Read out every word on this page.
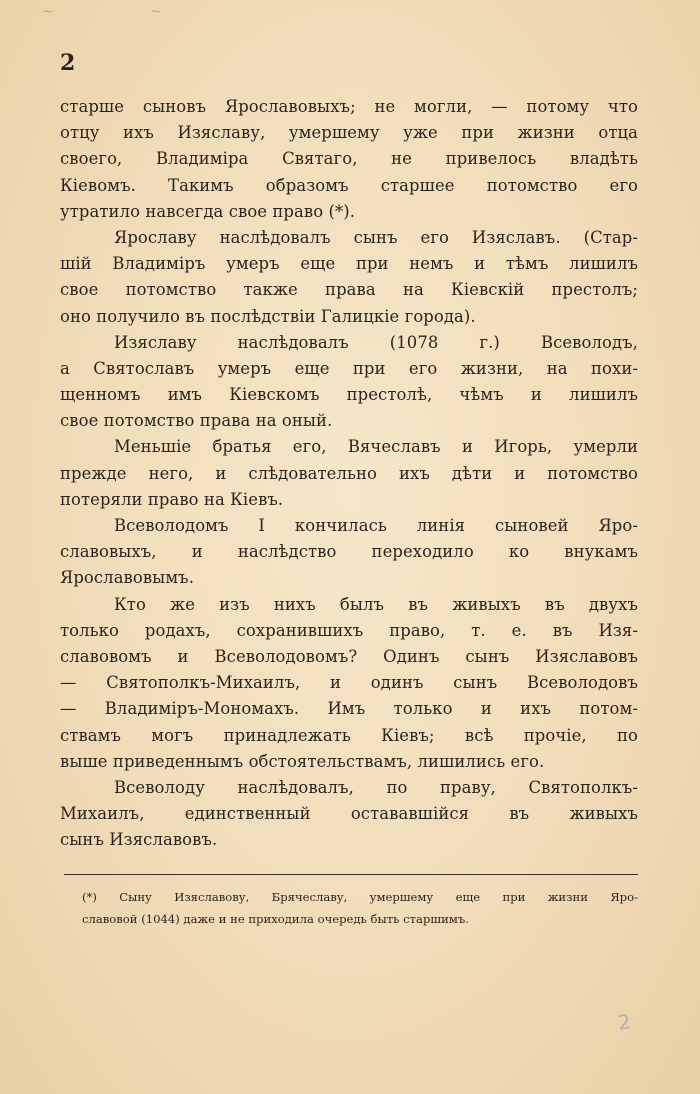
~	~
2
старше сыновъ Ярославовыхъ; не могли, — потому что
отцу ихъ Изяславу, умершему уже при жизни отца
своего, Владиміра Святаго, не привелось владѣть
Кіевомъ. Такимъ образомъ старшее потомство его
утратило навсегда свое право (*).
Ярославу наслѣдовалъ сынъ его Изяславъ. (Стар-
шій Владиміръ умеръ еще при немъ и тѣмъ лишилъ
свое потомство также права на Кіевскій престолъ;
оно получило въ послѣдствіи Галицкіе города).
Изяславу наслѣдовалъ (1078 г.) Всеволодъ,
а Святославъ умеръ еще при его жизни, на похи-
щенномъ имъ Кіевскомъ престолѣ, чѣмъ и лишилъ
свое потомство права на оный.
Меньшіе братья его, Вячеславъ и Игорь, умерли
прежде него, и слѣдовательно ихъ дѣти и потомство
потеряли право на Кіевъ.
Всеволодомъ I кончилась линія сыновей Яро-
славовыхъ, и наслѣдство переходило ко внукамъ
Ярославовымъ.
Кто же изъ нихъ былъ въ живыхъ въ двухъ
только родахъ, сохранившихъ право, т. е. въ Изя-
славовомъ и Всеволодовомъ? Одинъ сынъ Изяславовъ
— Святополкъ-Михаилъ, и одинъ сынъ Всеволодовъ
— Владиміръ-Мономахъ. Имъ только и ихъ потом-
ствамъ могъ принадлежать Кіевъ; всѣ прочіе, по
выше приведеннымъ обстоятельствамъ, лишились его.
Всеволоду наслѣдовалъ, по праву, Святополкъ-
Михаилъ, единственный остававшійся въ живыхъ
сынъ Изяславовъ.
(*) Сыну Изяславову, Брячеславу, умершему еще при жизни Яро-
славовой (1044) даже и не приходила очередь быть старшимъ.
2
